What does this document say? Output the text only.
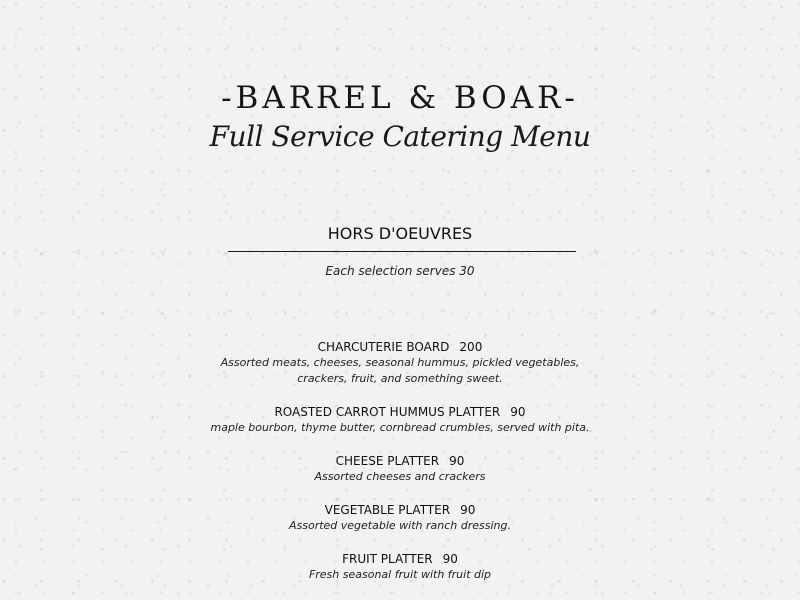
-BARREL & BOAR-
Full Service Catering Menu
HORS D'OEUVRES
Each selection serves 30
CHARCUTERIE BOARD 200
Assorted meats, cheeses, seasonal hummus, pickled vegetables,
crackers, fruit, and something sweet.
ROASTED CARROT HUMMUS PLATTER 90
maple bourbon, thyme butter, cornbread crumbles, served with pita.
CHEESE PLATTER 90
Assorted cheeses and crackers
VEGETABLE PLATTER 90
Assorted vegetable with ranch dressing.
FRUIT PLATTER 90
Fresh seasonal fruit with fruit dip
